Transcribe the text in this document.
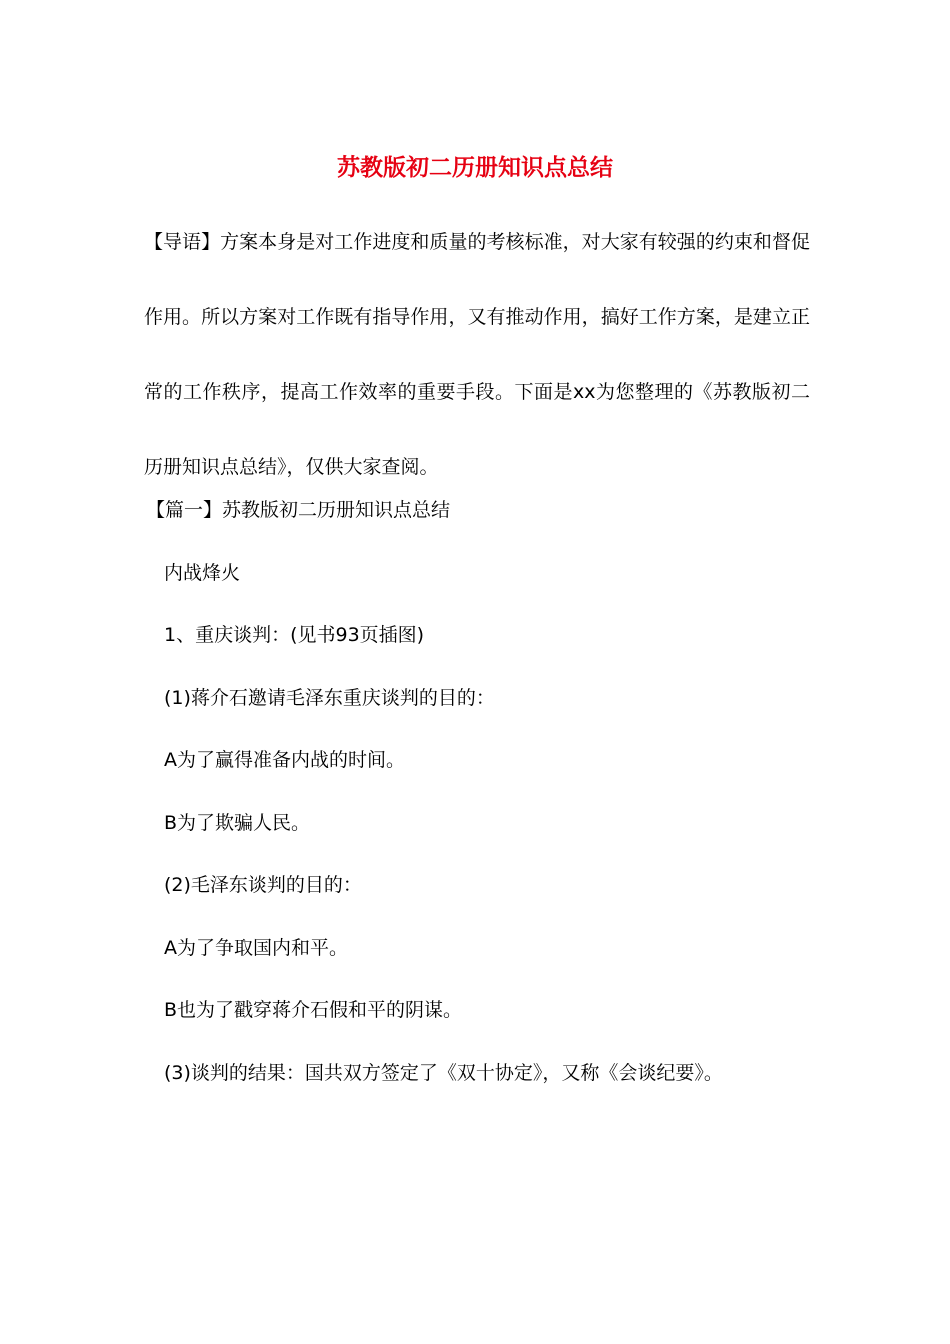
苏教版初二历册知识点总结

【导语】方案本身是对工作进度和质量的考核标准，对大家有较强的约束和督促作用。所以方案对工作既有指导作用，又有推动作用，搞好工作方案，是建立正常的工作秩序，提高工作效率的重要手段。下面是xx为您整理的《苏教版初二历册知识点总结》，仅供大家查阅。

【篇一】苏教版初二历册知识点总结

内战烽火

1、重庆谈判：(见书93页插图)

(1)蒋介石邀请毛泽东重庆谈判的目的：

A为了赢得准备内战的时间。

B为了欺骗人民。

(2)毛泽东谈判的目的：

A为了争取国内和平。

B也为了戳穿蒋介石假和平的阴谋。

(3)谈判的结果：国共双方签定了《双十协定》，又称《会谈纪要》。
